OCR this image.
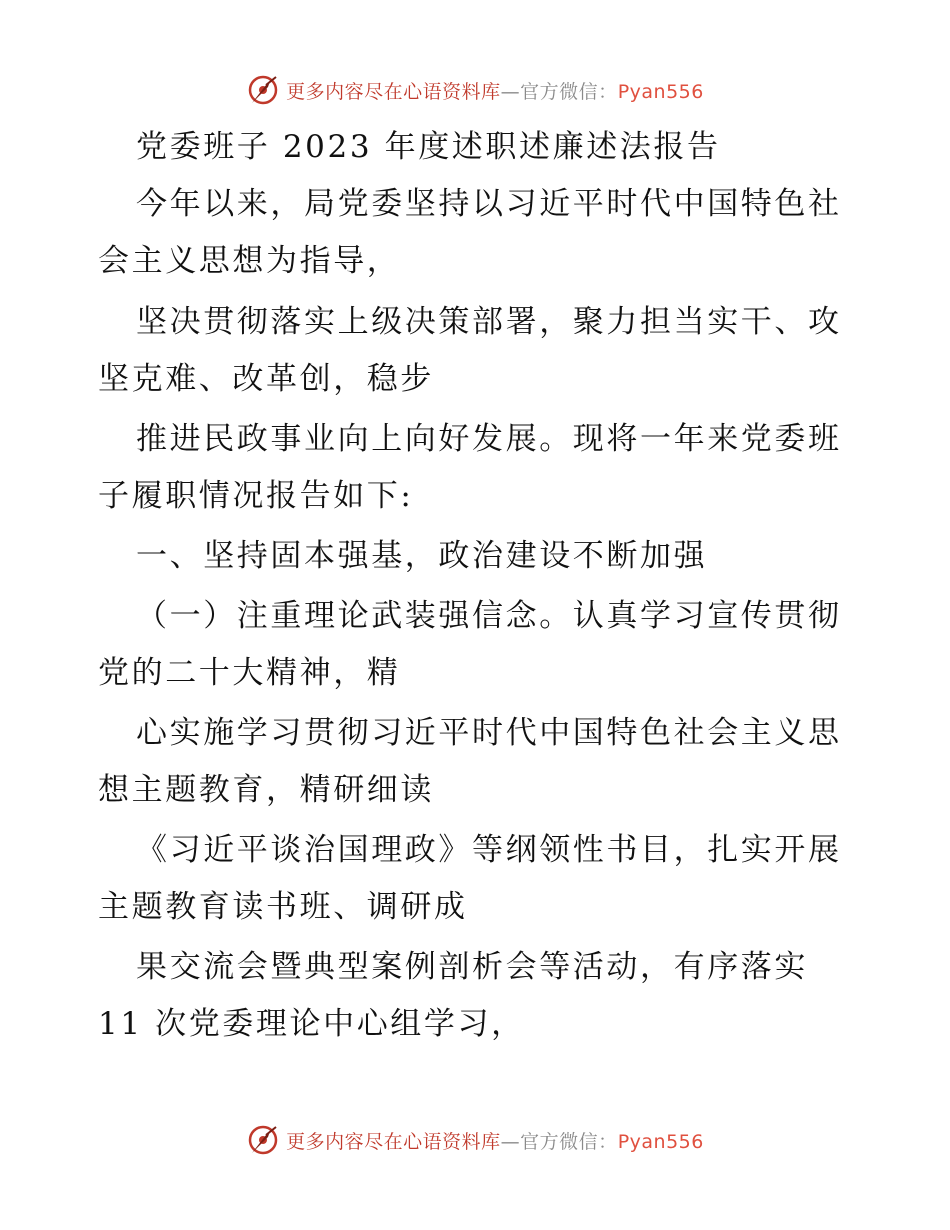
更多内容尽在心语资料库—官方微信：Pyan556
党委班子 2023 年度述职述廉述法报告
今年以来，局党委坚持以习近平时代中国特色社
会主义思想为指导，
坚决贯彻落实上级决策部署，聚力担当实干、攻
坚克难、改革创，稳步
推进民政事业向上向好发展。现将一年来党委班
子履职情况报告如下:
一、坚持固本强基，政治建设不断加强
（一）注重理论武装强信念。认真学习宣传贯彻
党的二十大精神，精
心实施学习贯彻习近平时代中国特色社会主义思
想主题教育，精研细读
《习近平谈治国理政》等纲领性书目，扎实开展
主题教育读书班、调研成
果交流会暨典型案例剖析会等活动，有序落实
11 次党委理论中心组学习，
更多内容尽在心语资料库—官方微信：Pyan556
